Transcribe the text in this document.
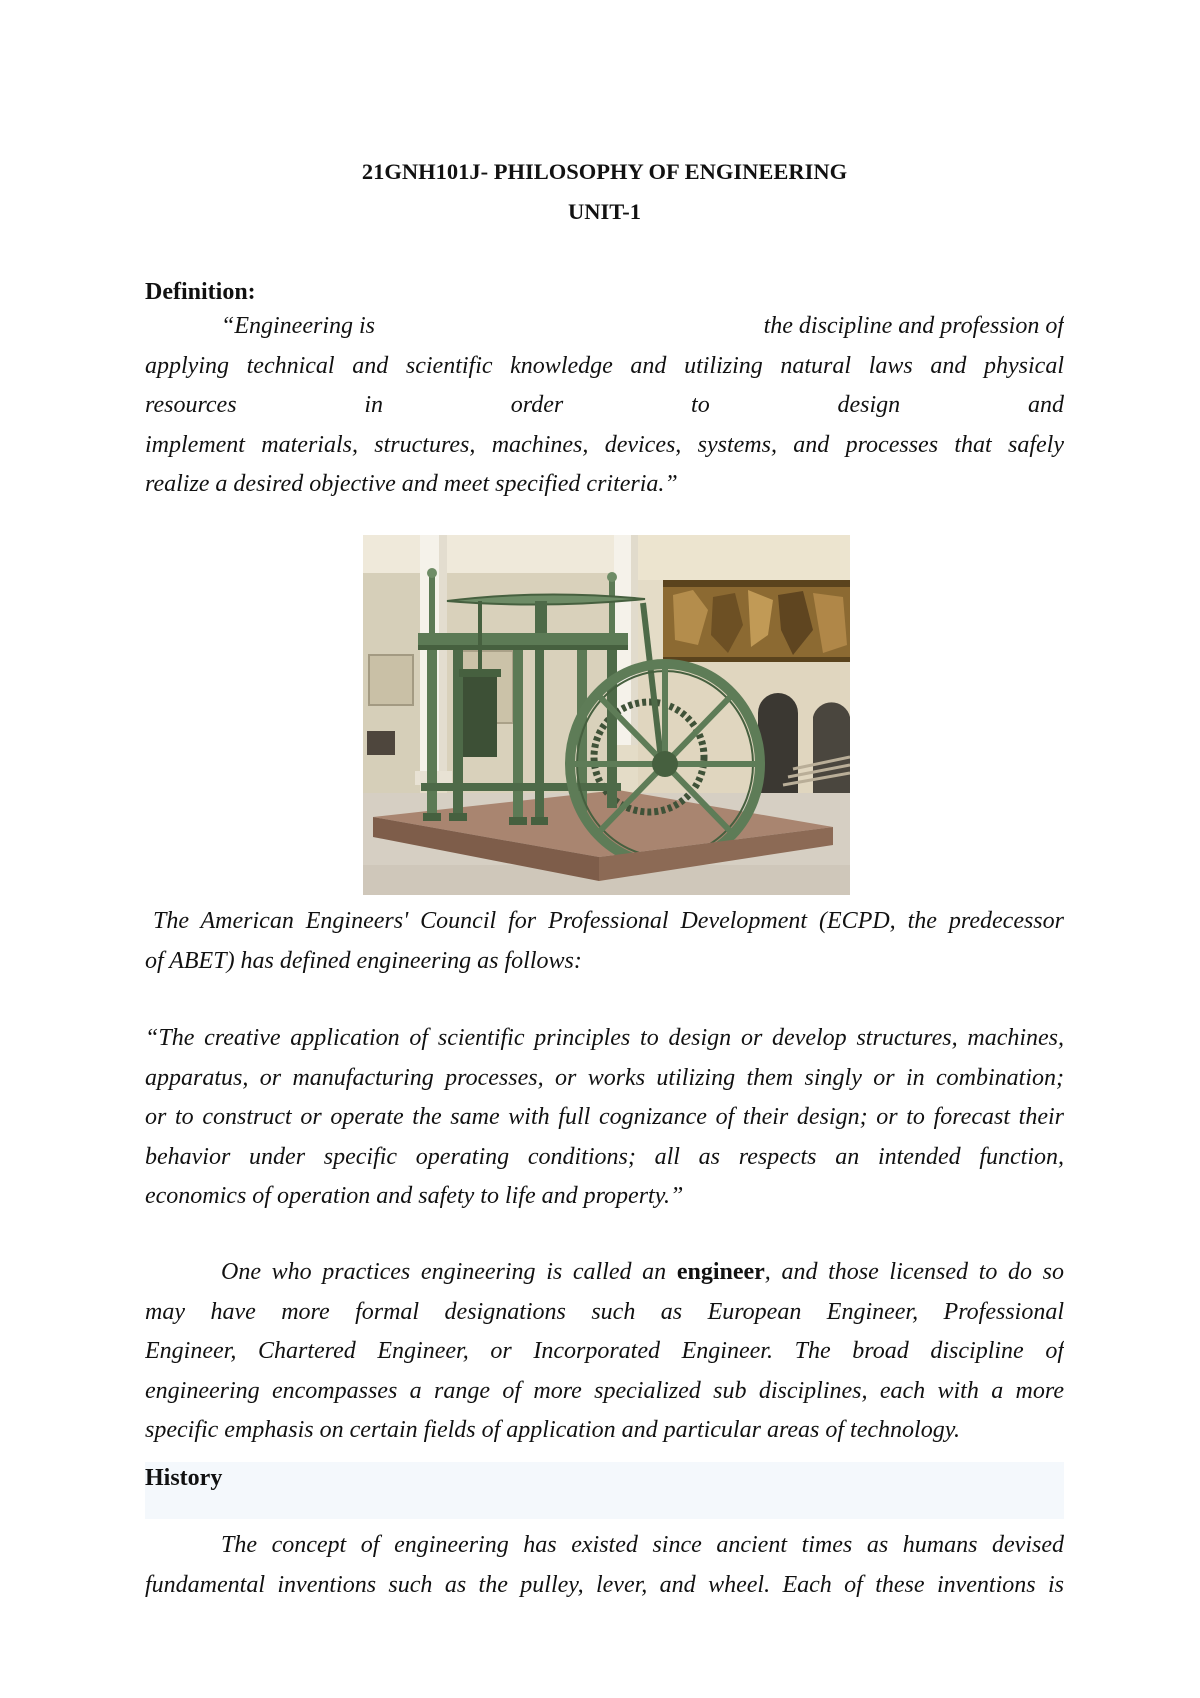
21GNH101J- PHILOSOPHY OF ENGINEERING
UNIT-1
Definition:
“Engineering is	the discipline and profession of
applying technical and scientific knowledge and utilizing natural laws and physical
resources in order to design and
implement materials, structures, machines, devices, systems, and processes that safely
realize a desired objective and meet specified criteria.”
The American Engineers' Council for Professional Development (ECPD, the predecessor
of ABET) has defined engineering as follows:
“The creative application of scientific principles to design or develop structures, machines,
apparatus, or manufacturing processes, or works utilizing them singly or in combination;
or to construct or operate the same with full cognizance of their design; or to forecast their
behavior under specific operating conditions; all as respects an intended function,
economics of operation and safety to life and property.”
One who practices engineering is called an engineer, and those licensed to do so
may have more formal designations such as European Engineer, Professional
Engineer, Chartered Engineer, or Incorporated Engineer. The broad discipline of
engineering encompasses a range of more specialized sub disciplines, each with a more
specific emphasis on certain fields of application and particular areas of technology.
History
The concept of engineering has existed since ancient times as humans devised
fundamental inventions such as the pulley, lever, and wheel. Each of these inventions is
